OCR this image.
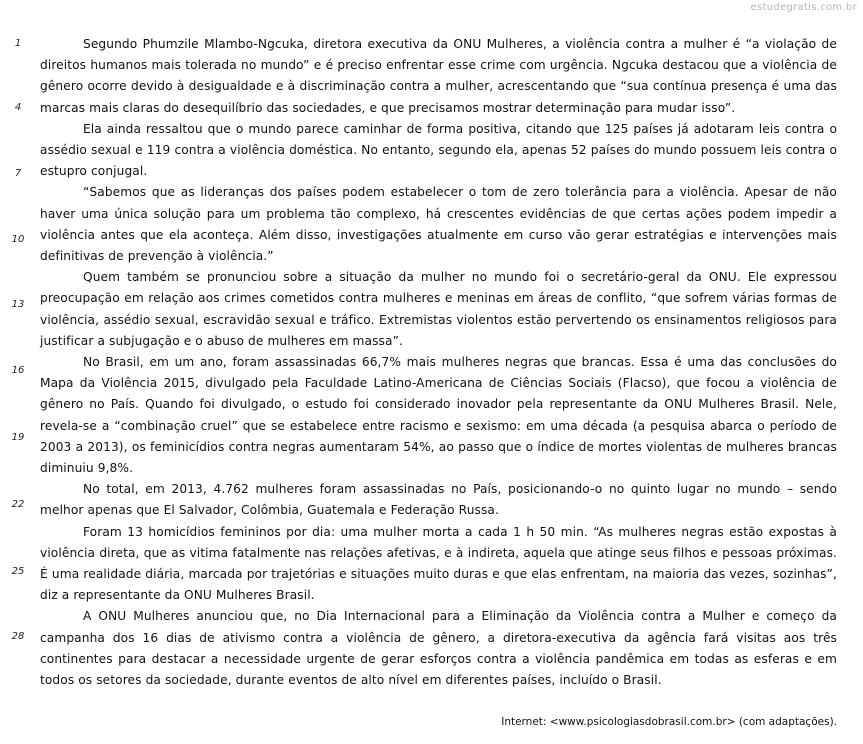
estudegratis.com.br
1
4
7
10
13
16
19
22
25
28

Segundo Phumzile Mlambo-Ngcuka, diretora executiva da ONU Mulheres, a violência contra a mulher é “a violação de direitos humanos mais tolerada no mundo” e é preciso enfrentar esse crime com urgência. Ngcuka destacou que a violência de gênero ocorre devido à desigualdade e à discriminação contra a mulher, acrescentando que “sua contínua presença é uma das marcas mais claras do desequilíbrio das sociedades, e que precisamos mostrar determinação para mudar isso”.

Ela ainda ressaltou que o mundo parece caminhar de forma positiva, citando que 125 países já adotaram leis contra o assédio sexual e 119 contra a violência doméstica. No entanto, segundo ela, apenas 52 países do mundo possuem leis contra o estupro conjugal.

“Sabemos que as lideranças dos países podem estabelecer o tom de zero tolerância para a violência. Apesar de não haver uma única solução para um problema tão complexo, há crescentes evidências de que certas ações podem impedir a violência antes que ela aconteça. Além disso, investigações atualmente em curso vão gerar estratégias e intervenções mais definitivas de prevenção à violência.”

Quem também se pronunciou sobre a situação da mulher no mundo foi o secretário-geral da ONU. Ele expressou preocupação em relação aos crimes cometidos contra mulheres e meninas em áreas de conflito, “que sofrem várias formas de violência, assédio sexual, escravidão sexual e tráfico. Extremistas violentos estão pervertendo os ensinamentos religiosos para justificar a subjugação e o abuso de mulheres em massa”.

No Brasil, em um ano, foram assassinadas 66,7% mais mulheres negras que brancas. Essa é uma das conclusões do Mapa da Violência 2015, divulgado pela Faculdade Latino-Americana de Ciências Sociais (Flacso), que focou a violência de gênero no País. Quando foi divulgado, o estudo foi considerado inovador pela representante da ONU Mulheres Brasil. Nele, revela-se a “combinação cruel” que se estabelece entre racismo e sexismo: em uma década (a pesquisa abarca o período de 2003 a 2013), os feminicídios contra negras aumentaram 54%, ao passo que o índice de mortes violentas de mulheres brancas diminuiu 9,8%.

No total, em 2013, 4.762 mulheres foram assassinadas no País, posicionando-o no quinto lugar no mundo – sendo melhor apenas que El Salvador, Colômbia, Guatemala e Federação Russa.

Foram 13 homicídios femininos por dia: uma mulher morta a cada 1 h 50 min. “As mulheres negras estão expostas à violência direta, que as vitima fatalmente nas relações afetivas, e à indireta, aquela que atinge seus filhos e pessoas próximas. É uma realidade diária, marcada por trajetórias e situações muito duras e que elas enfrentam, na maioria das vezes, sozinhas”, diz a representante da ONU Mulheres Brasil.

A ONU Mulheres anunciou que, no Dia Internacional para a Eliminação da Violência contra a Mulher e começo da campanha dos 16 dias de ativismo contra a violência de gênero, a diretora-executiva da agência fará visitas aos três continentes para destacar a necessidade urgente de gerar esforços contra a violência pandêmica em todas as esferas e em todos os setores da sociedade, durante eventos de alto nível em diferentes países, incluído o Brasil.

Internet: <www.psicologiasdobrasil.com.br> (com adaptações).
